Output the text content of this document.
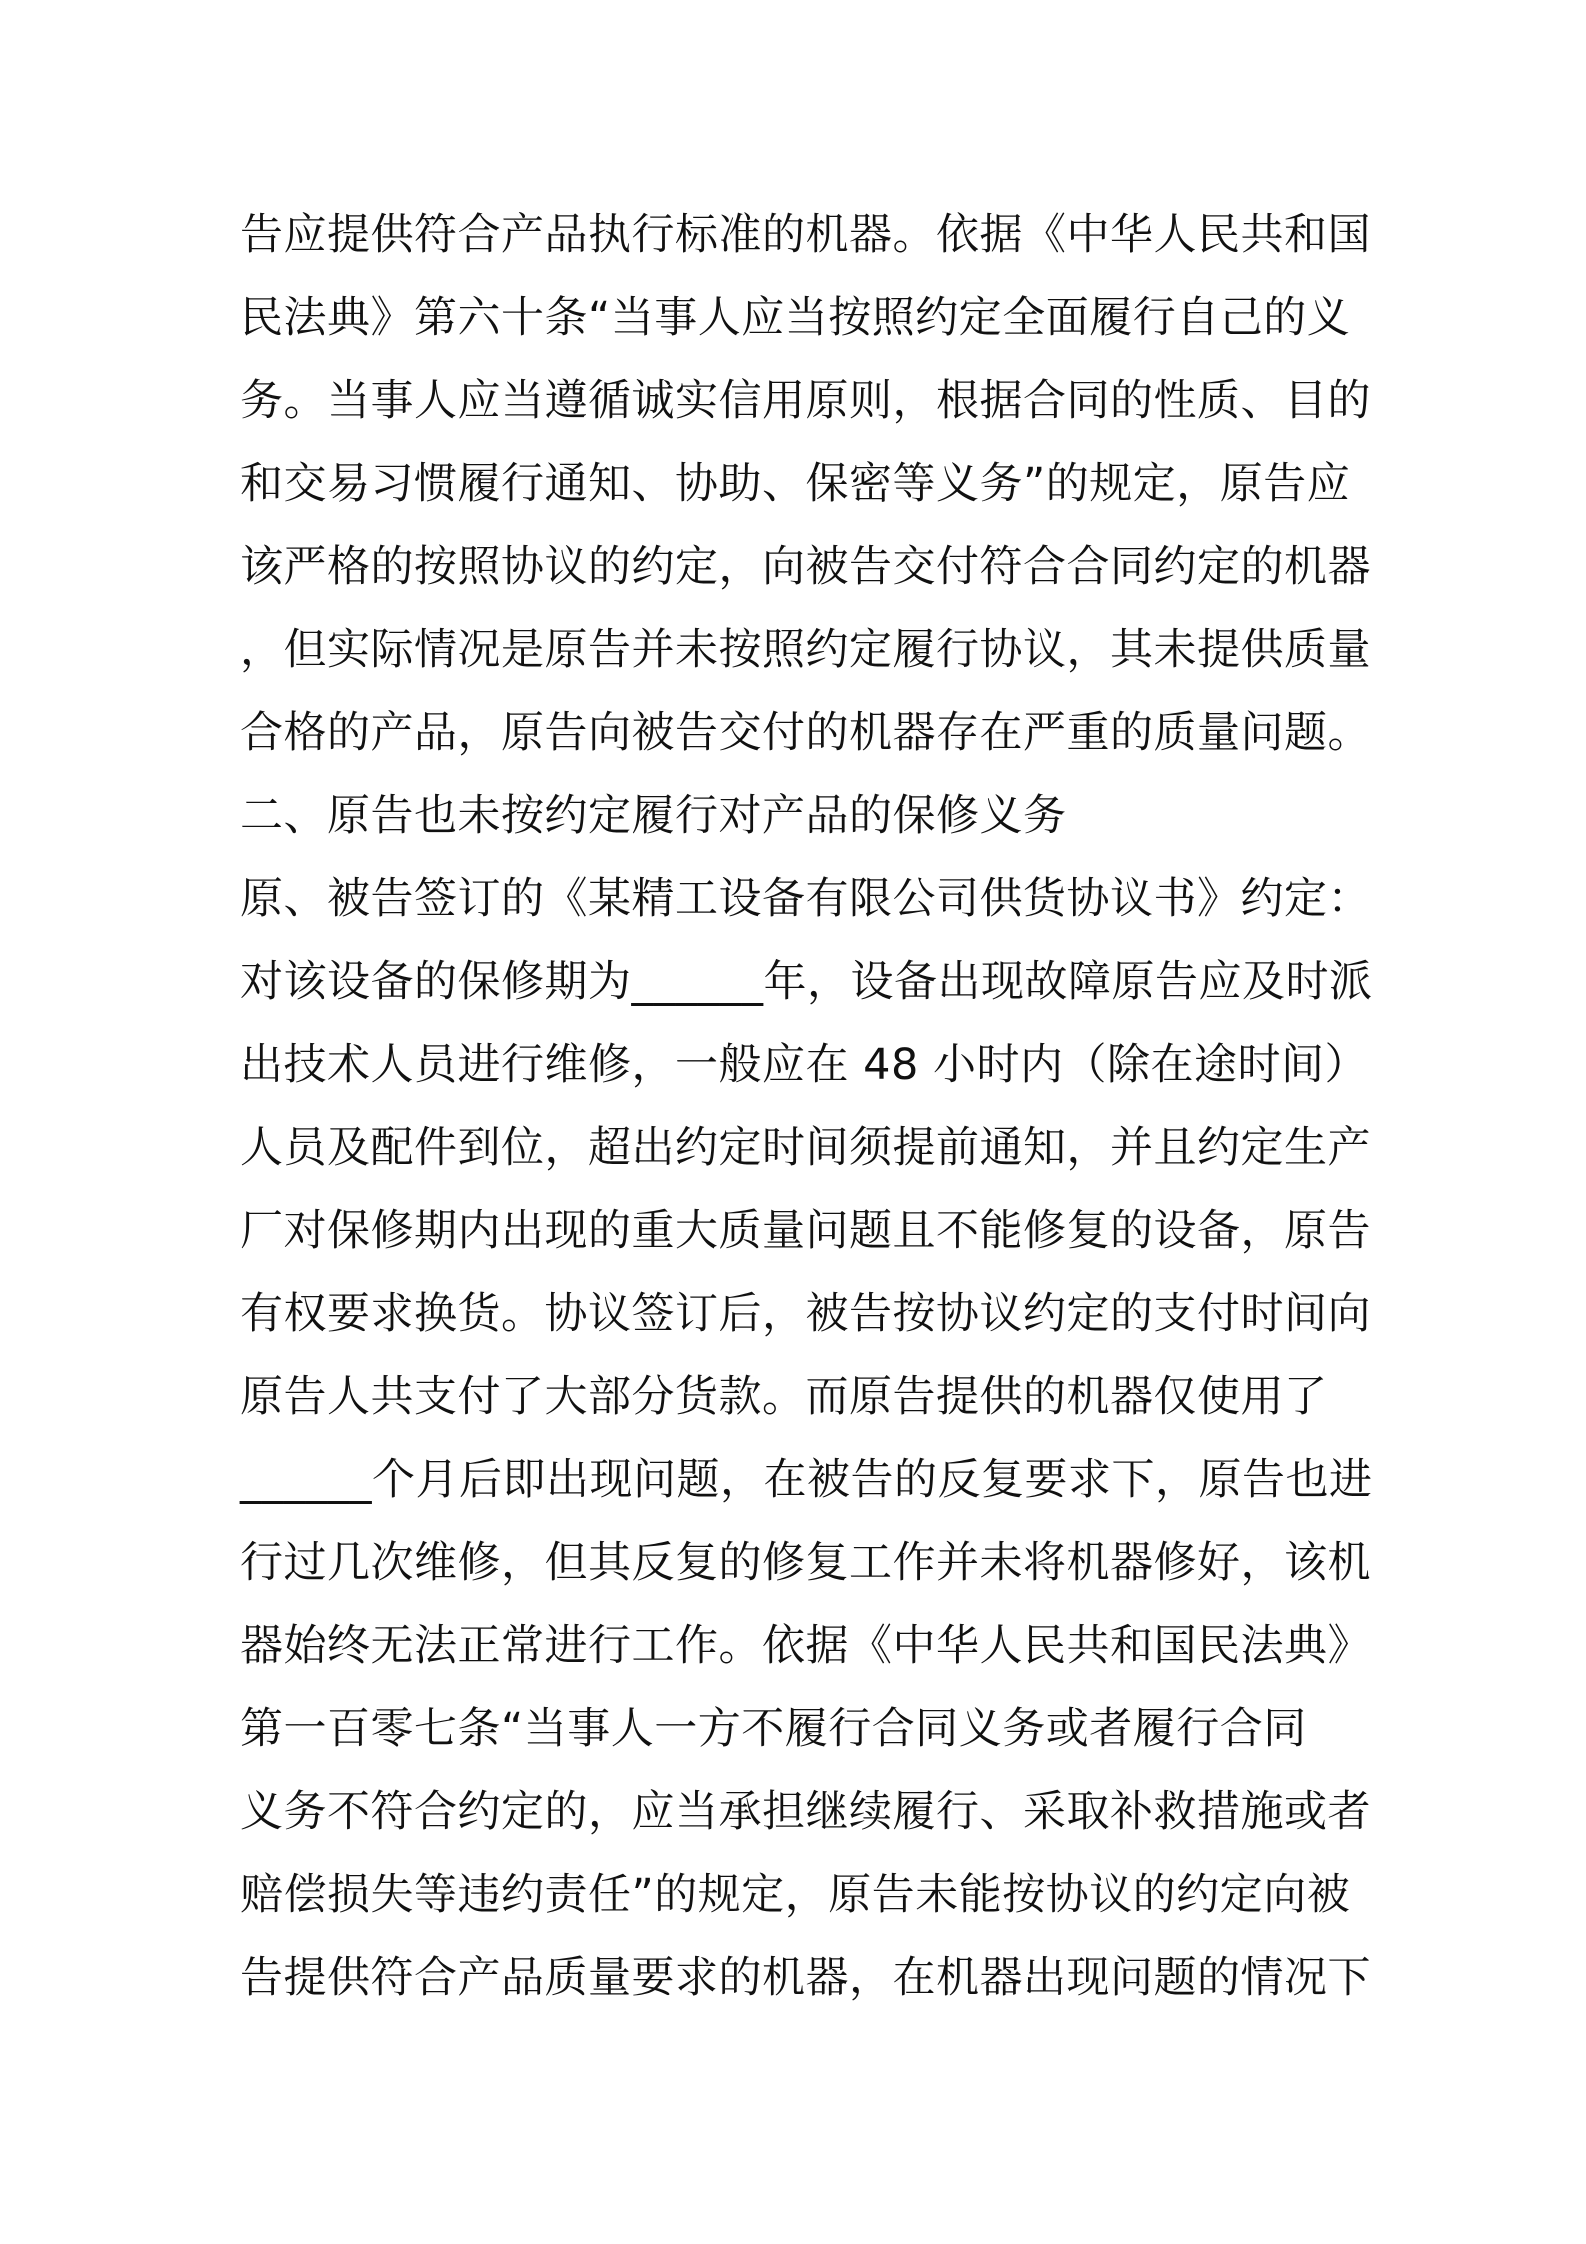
告应提供符合产品执行标准的机器。依据《中华人民共和国
民法典》第六十条“当事人应当按照约定全面履行自己的义
务。当事人应当遵循诚实信用原则，根据合同的性质、目的
和交易习惯履行通知、协助、保密等义务”的规定，原告应
该严格的按照协议的约定，向被告交付符合合同约定的机器
，但实际情况是原告并未按照约定履行协议，其未提供质量
合格的产品，原告向被告交付的机器存在严重的质量问题。
二、原告也未按约定履行对产品的保修义务
原、被告签订的《某精工设备有限公司供货协议书》约定：
对该设备的保修期为______年，设备出现故障原告应及时派
出技术人员进行维修，一般应在 48 小时内（除在途时间）
人员及配件到位，超出约定时间须提前通知，并且约定生产
厂对保修期内出现的重大质量问题且不能修复的设备，原告
有权要求换货。协议签订后，被告按协议约定的支付时间向
原告人共支付了大部分货款。而原告提供的机器仅使用了
______个月后即出现问题，在被告的反复要求下，原告也进
行过几次维修，但其反复的修复工作并未将机器修好，该机
器始终无法正常进行工作。依据《中华人民共和国民法典》
第一百零七条“当事人一方不履行合同义务或者履行合同
义务不符合约定的，应当承担继续履行、采取补救措施或者
赔偿损失等违约责任”的规定，原告未能按协议的约定向被
告提供符合产品质量要求的机器，在机器出现问题的情况下
